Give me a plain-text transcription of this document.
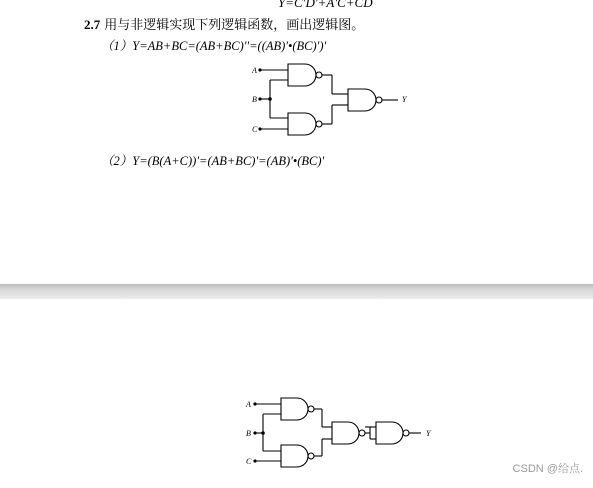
Y=C'D'+A'C+CD
2.7 用与非逻辑实现下列逻辑函数，画出逻辑图。
（1）Y=AB+BC=(AB+BC)''=((AB)'•(BC)')'
A
B
C
Y
（2）Y=(B(A+C))'=(AB+BC)'=(AB)'•(BC)'
A
B
C
Y
CSDN @给点.
